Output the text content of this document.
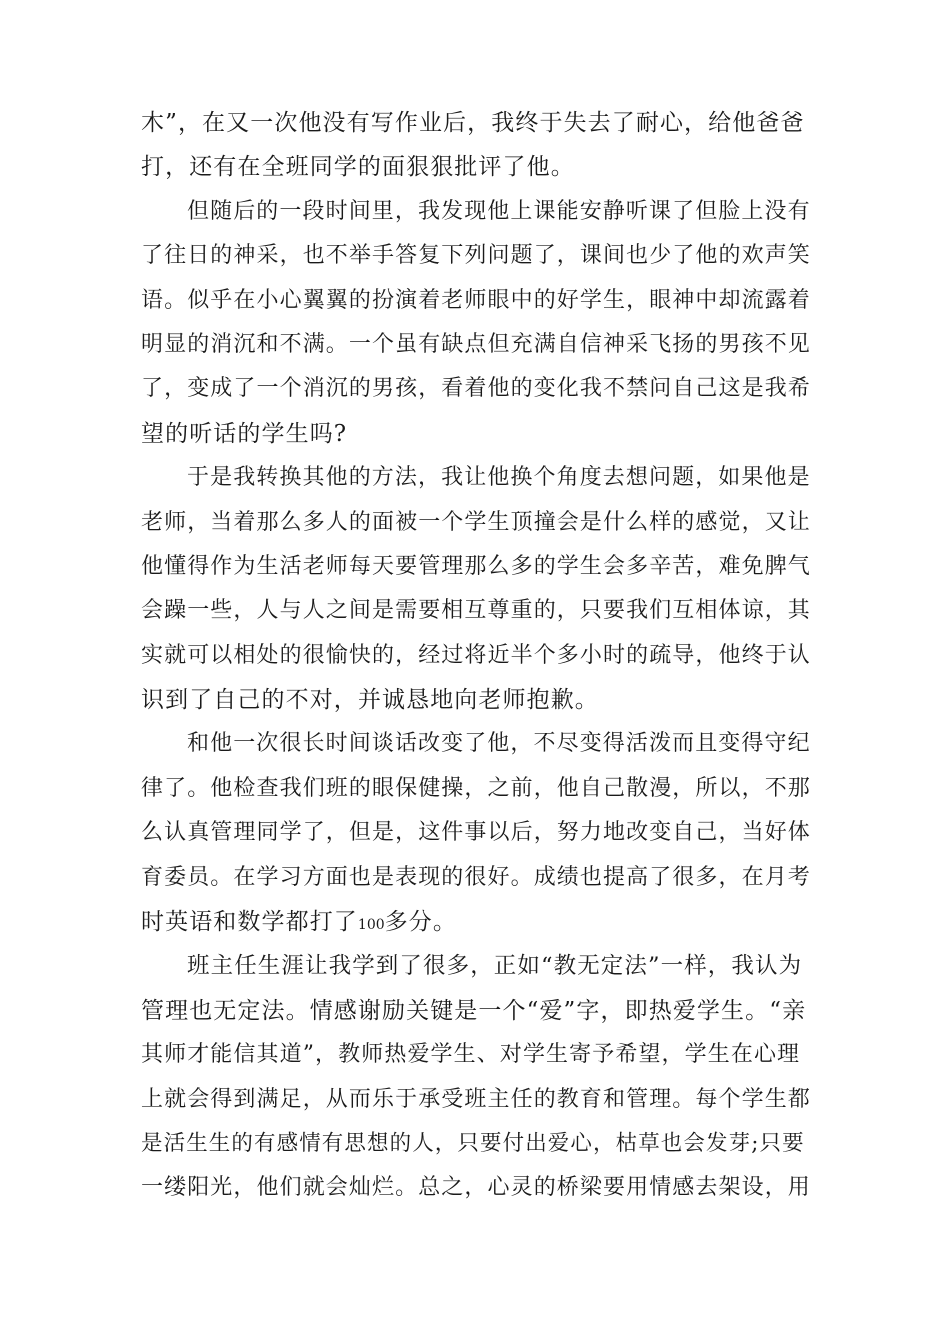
木”，在又一次他没有写作业后，我终于失去了耐心，给他爸爸
打，还有在全班同学的面狠狠批评了他。
但随后的一段时间里，我发现他上课能安静听课了但脸上没有
了往日的神采，也不举手答复下列问题了，课间也少了他的欢声笑
语。似乎在小心翼翼的扮演着老师眼中的好学生，眼神中却流露着
明显的消沉和不满。一个虽有缺点但充满自信神采飞扬的男孩不见
了，变成了一个消沉的男孩，看着他的变化我不禁问自己这是我希
望的听话的学生吗?
于是我转换其他的方法，我让他换个角度去想问题，如果他是
老师，当着那么多人的面被一个学生顶撞会是什么样的感觉，又让
他懂得作为生活老师每天要管理那么多的学生会多辛苦，难免脾气
会躁一些，人与人之间是需要相互尊重的，只要我们互相体谅，其
实就可以相处的很愉快的，经过将近半个多小时的疏导，他终于认
识到了自己的不对，并诚恳地向老师抱歉。
和他一次很长时间谈话改变了他，不尽变得活泼而且变得守纪
律了。他检查我们班的眼保健操，之前，他自己散漫，所以，不那
么认真管理同学了，但是，这件事以后，努力地改变自己，当好体
育委员。在学习方面也是表现的很好。成绩也提高了很多，在月考
时英语和数学都打了100多分。
班主任生涯让我学到了很多，正如“教无定法”一样，我认为
管理也无定法。情感谢励关键是一个“爱”字，即热爱学生。“亲
其师才能信其道”，教师热爱学生、对学生寄予希望，学生在心理
上就会得到满足，从而乐于承受班主任的教育和管理。每个学生都
是活生生的有感情有思想的人，只要付出爱心，枯草也会发芽;只要
一缕阳光，他们就会灿烂。总之，心灵的桥梁要用情感去架设，用
